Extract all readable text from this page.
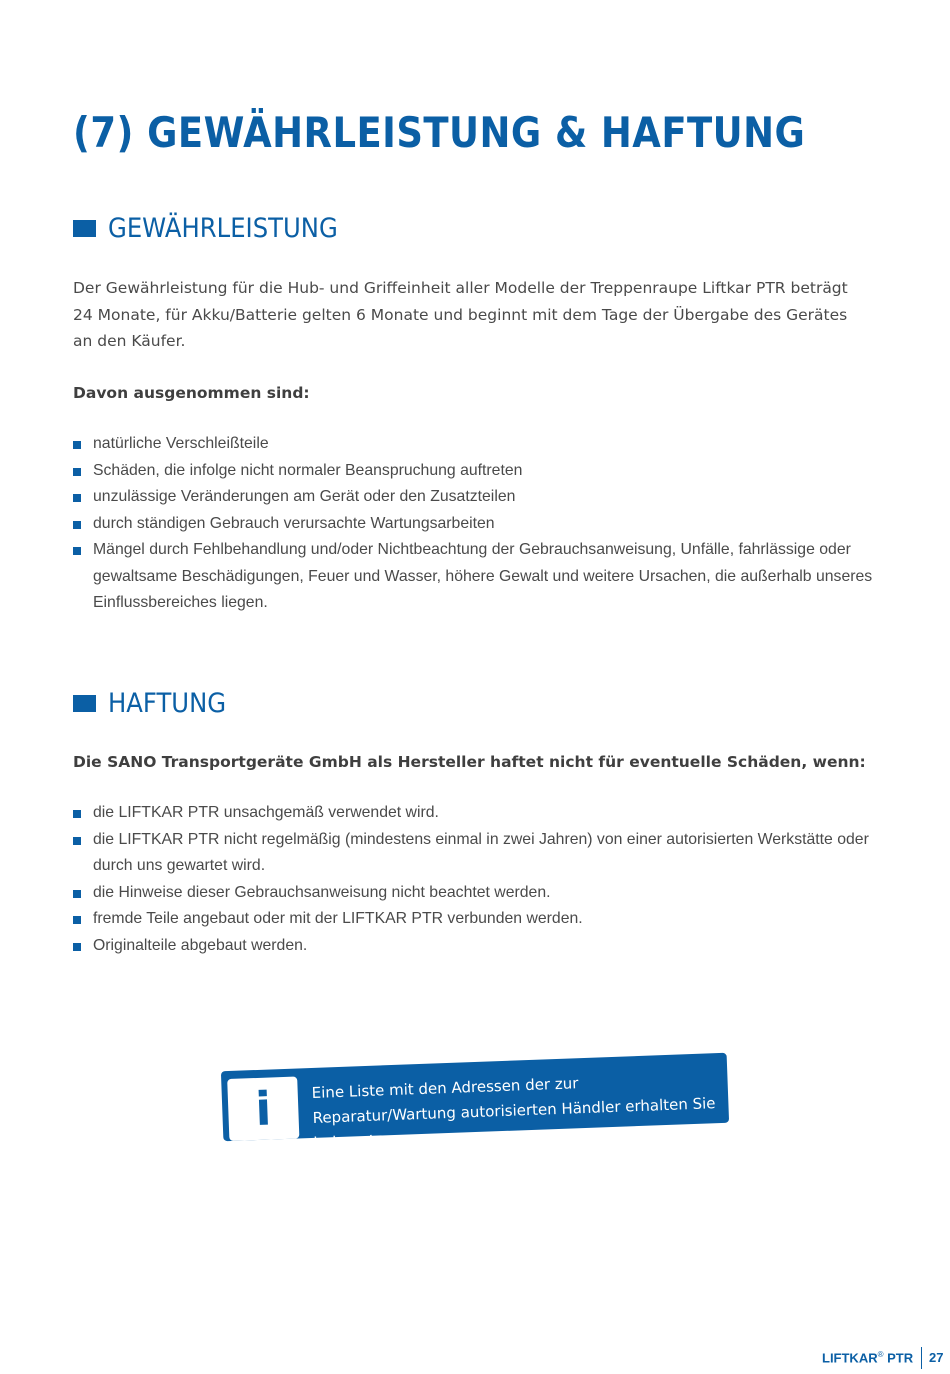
(7) GEWÄHRLEISTUNG & HAFTUNG
GEWÄHRLEISTUNG

Der Gewährleistung für die Hub- und Griffeinheit aller Modelle der Treppenraupe Liftkar PTR beträgt 24 Monate, für Akku/Batterie gelten 6 Monate und beginnt mit dem Tage der Übergabe des Gerätes an den Käufer.

Davon ausgenommen sind:

natürliche Verschleißteile
Schäden, die infolge nicht normaler Beanspruchung auftreten
unzulässige Veränderungen am Gerät oder den Zusatzteilen
durch ständigen Gebrauch verursachte Wartungsarbeiten
Mängel durch Fehlbehandlung und/oder Nichtbeachtung der Gebrauchsanweisung, Unfälle, fahrlässige oder gewaltsame Beschädigungen, Feuer und Wasser, höhere Gewalt und weitere Ursachen, die außerhalb unseres Einflussbereiches liegen.
HAFTUNG

Die SANO Transportgeräte GmbH als Hersteller haftet nicht für eventuelle Schäden, wenn:

die LIFTKAR PTR unsachgemäß verwendet wird.
die LIFTKAR PTR nicht regelmäßig (mindestens einmal in zwei Jahren) von einer autorisierten Werkstätte oder durch uns gewartet wird.
die Hinweise dieser Gebrauchsanweisung nicht beachtet werden.
fremde Teile angebaut oder mit der LIFTKAR PTR verbunden werden.
Originalteile abgebaut werden.
i	Eine Liste mit den Adressen der zur Reparatur/Wartung autorisierten Händler erhalten Sie bei uns!

LIFTKAR® PTR 27
